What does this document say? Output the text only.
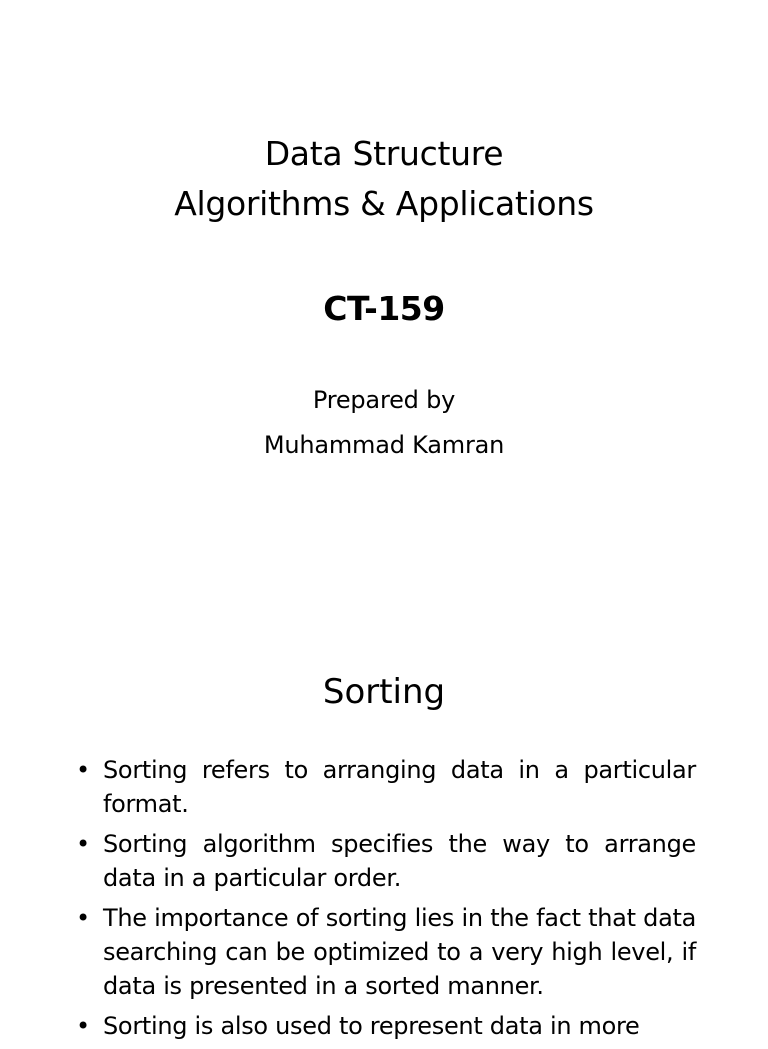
Data Structure
Algorithms & Applications
CT-159
Prepared by
Muhammad Kamran
Sorting
• Sorting refers to arranging data in a particular format.
• Sorting algorithm specifies the way to arrange data in a particular order.
• The importance of sorting lies in the fact that data searching can be optimized to a very high level, if data is presented in a sorted manner.
• Sorting is also used to represent data in more
